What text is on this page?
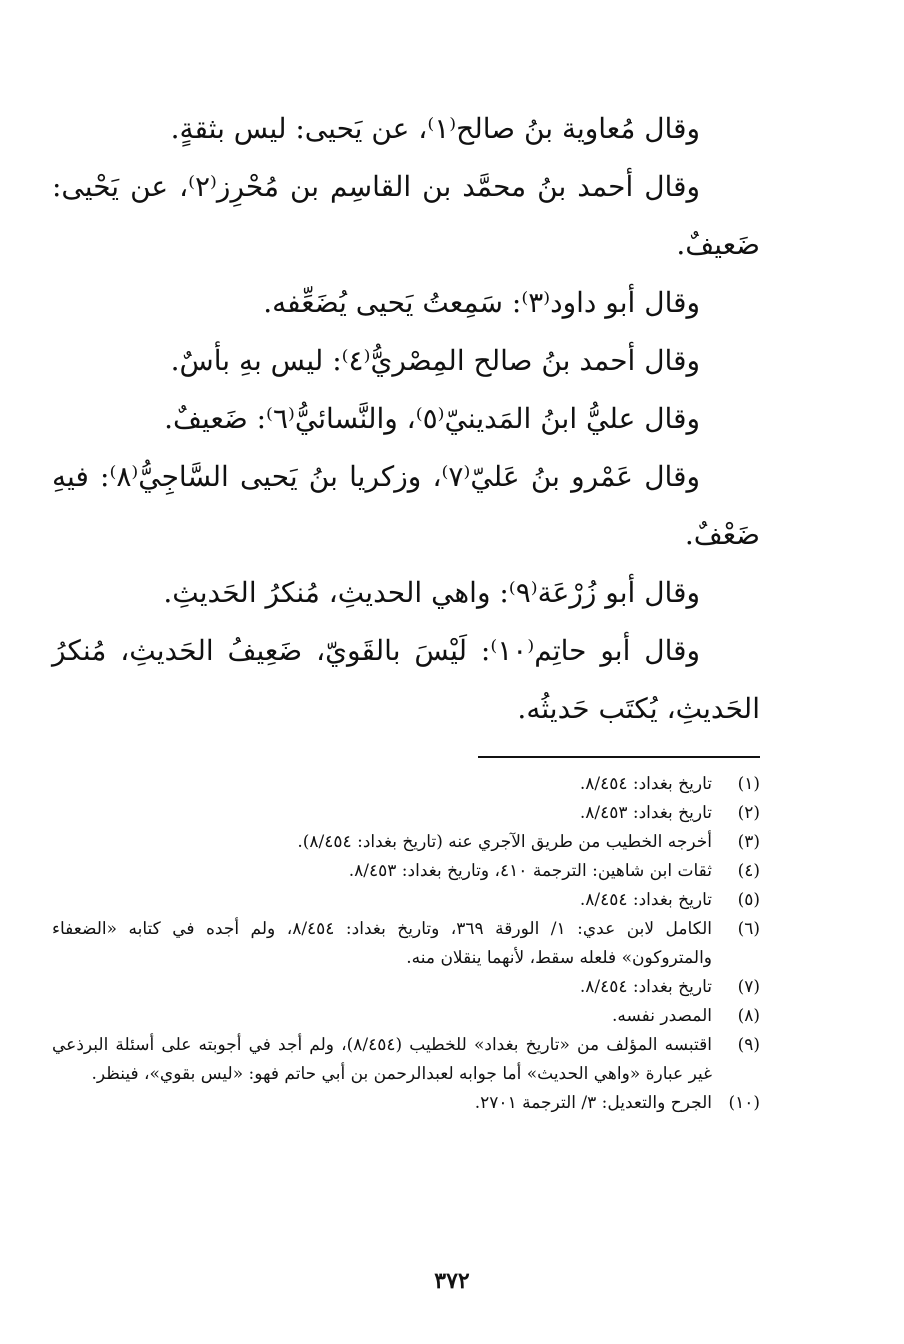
وقال مُعاوية بنُ صالح⁽١⁾، عن يَحيى: ليس بثقةٍ.

وقال أحمد بنُ محمَّد بن القاسِم بن مُحْرِز⁽٢⁾، عن يَحْيى: ضَعيفٌ.

وقال أبو داود⁽٣⁾: سَمِعتُ يَحيى يُضَعِّفه.

وقال أحمد بنُ صالح المِصْريُّ⁽٤⁾: ليس بهِ بأسٌ.

وقال عليُّ ابنُ المَدينيّ⁽٥⁾، والنَّسائيُّ⁽٦⁾: ضَعيفٌ.

وقال عَمْرو بنُ عَليّ⁽٧⁾، وزكريا بنُ يَحيى السَّاجِيُّ⁽٨⁾: فيهِ ضَعْفٌ.

وقال أبو زُرْعَة⁽٩⁾: واهي الحديثِ، مُنكرُ الحَديثِ.

وقال أبو حاتِم⁽١٠⁾: لَيْسَ بالقَويّ، ضَعِيفُ الحَديثِ، مُنكرُ الحَديثِ، يُكتَب حَديثُه.

(١)
تاريخ بغداد: ٨/٤٥٤.
(٢)
تاريخ بغداد: ٨/٤٥٣.
(٣)
أخرجه الخطيب من طريق الآجري عنه (تاريخ بغداد: ٨/٤٥٤).
(٤)
ثقات ابن شاهين: الترجمة ٤١٠، وتاريخ بغداد: ٨/٤٥٣.
(٥)
تاريخ بغداد: ٨/٤٥٤.
(٦)
الكامل لابن عدي: ١/ الورقة ٣٦٩، وتاريخ بغداد: ٨/٤٥٤، ولم أجده في كتابه «الضعفاء والمتروكون» فلعله سقط، لأنهما ينقلان منه.
(٧)
تاريخ بغداد: ٨/٤٥٤.
(٨)
المصدر نفسه.
(٩)
اقتبسه المؤلف من «تاريخ بغداد» للخطيب (٨/٤٥٤)، ولم أجد في أجوبته على أسئلة البرذعي غير عبارة «واهي الحديث» أما جوابه لعبدالرحمن بن أبي حاتم فهو: «ليس بقوي»، فينظر.
(١٠)
الجرح والتعديل: ٣/ الترجمة ٢٧٠١.
٣٧٢
